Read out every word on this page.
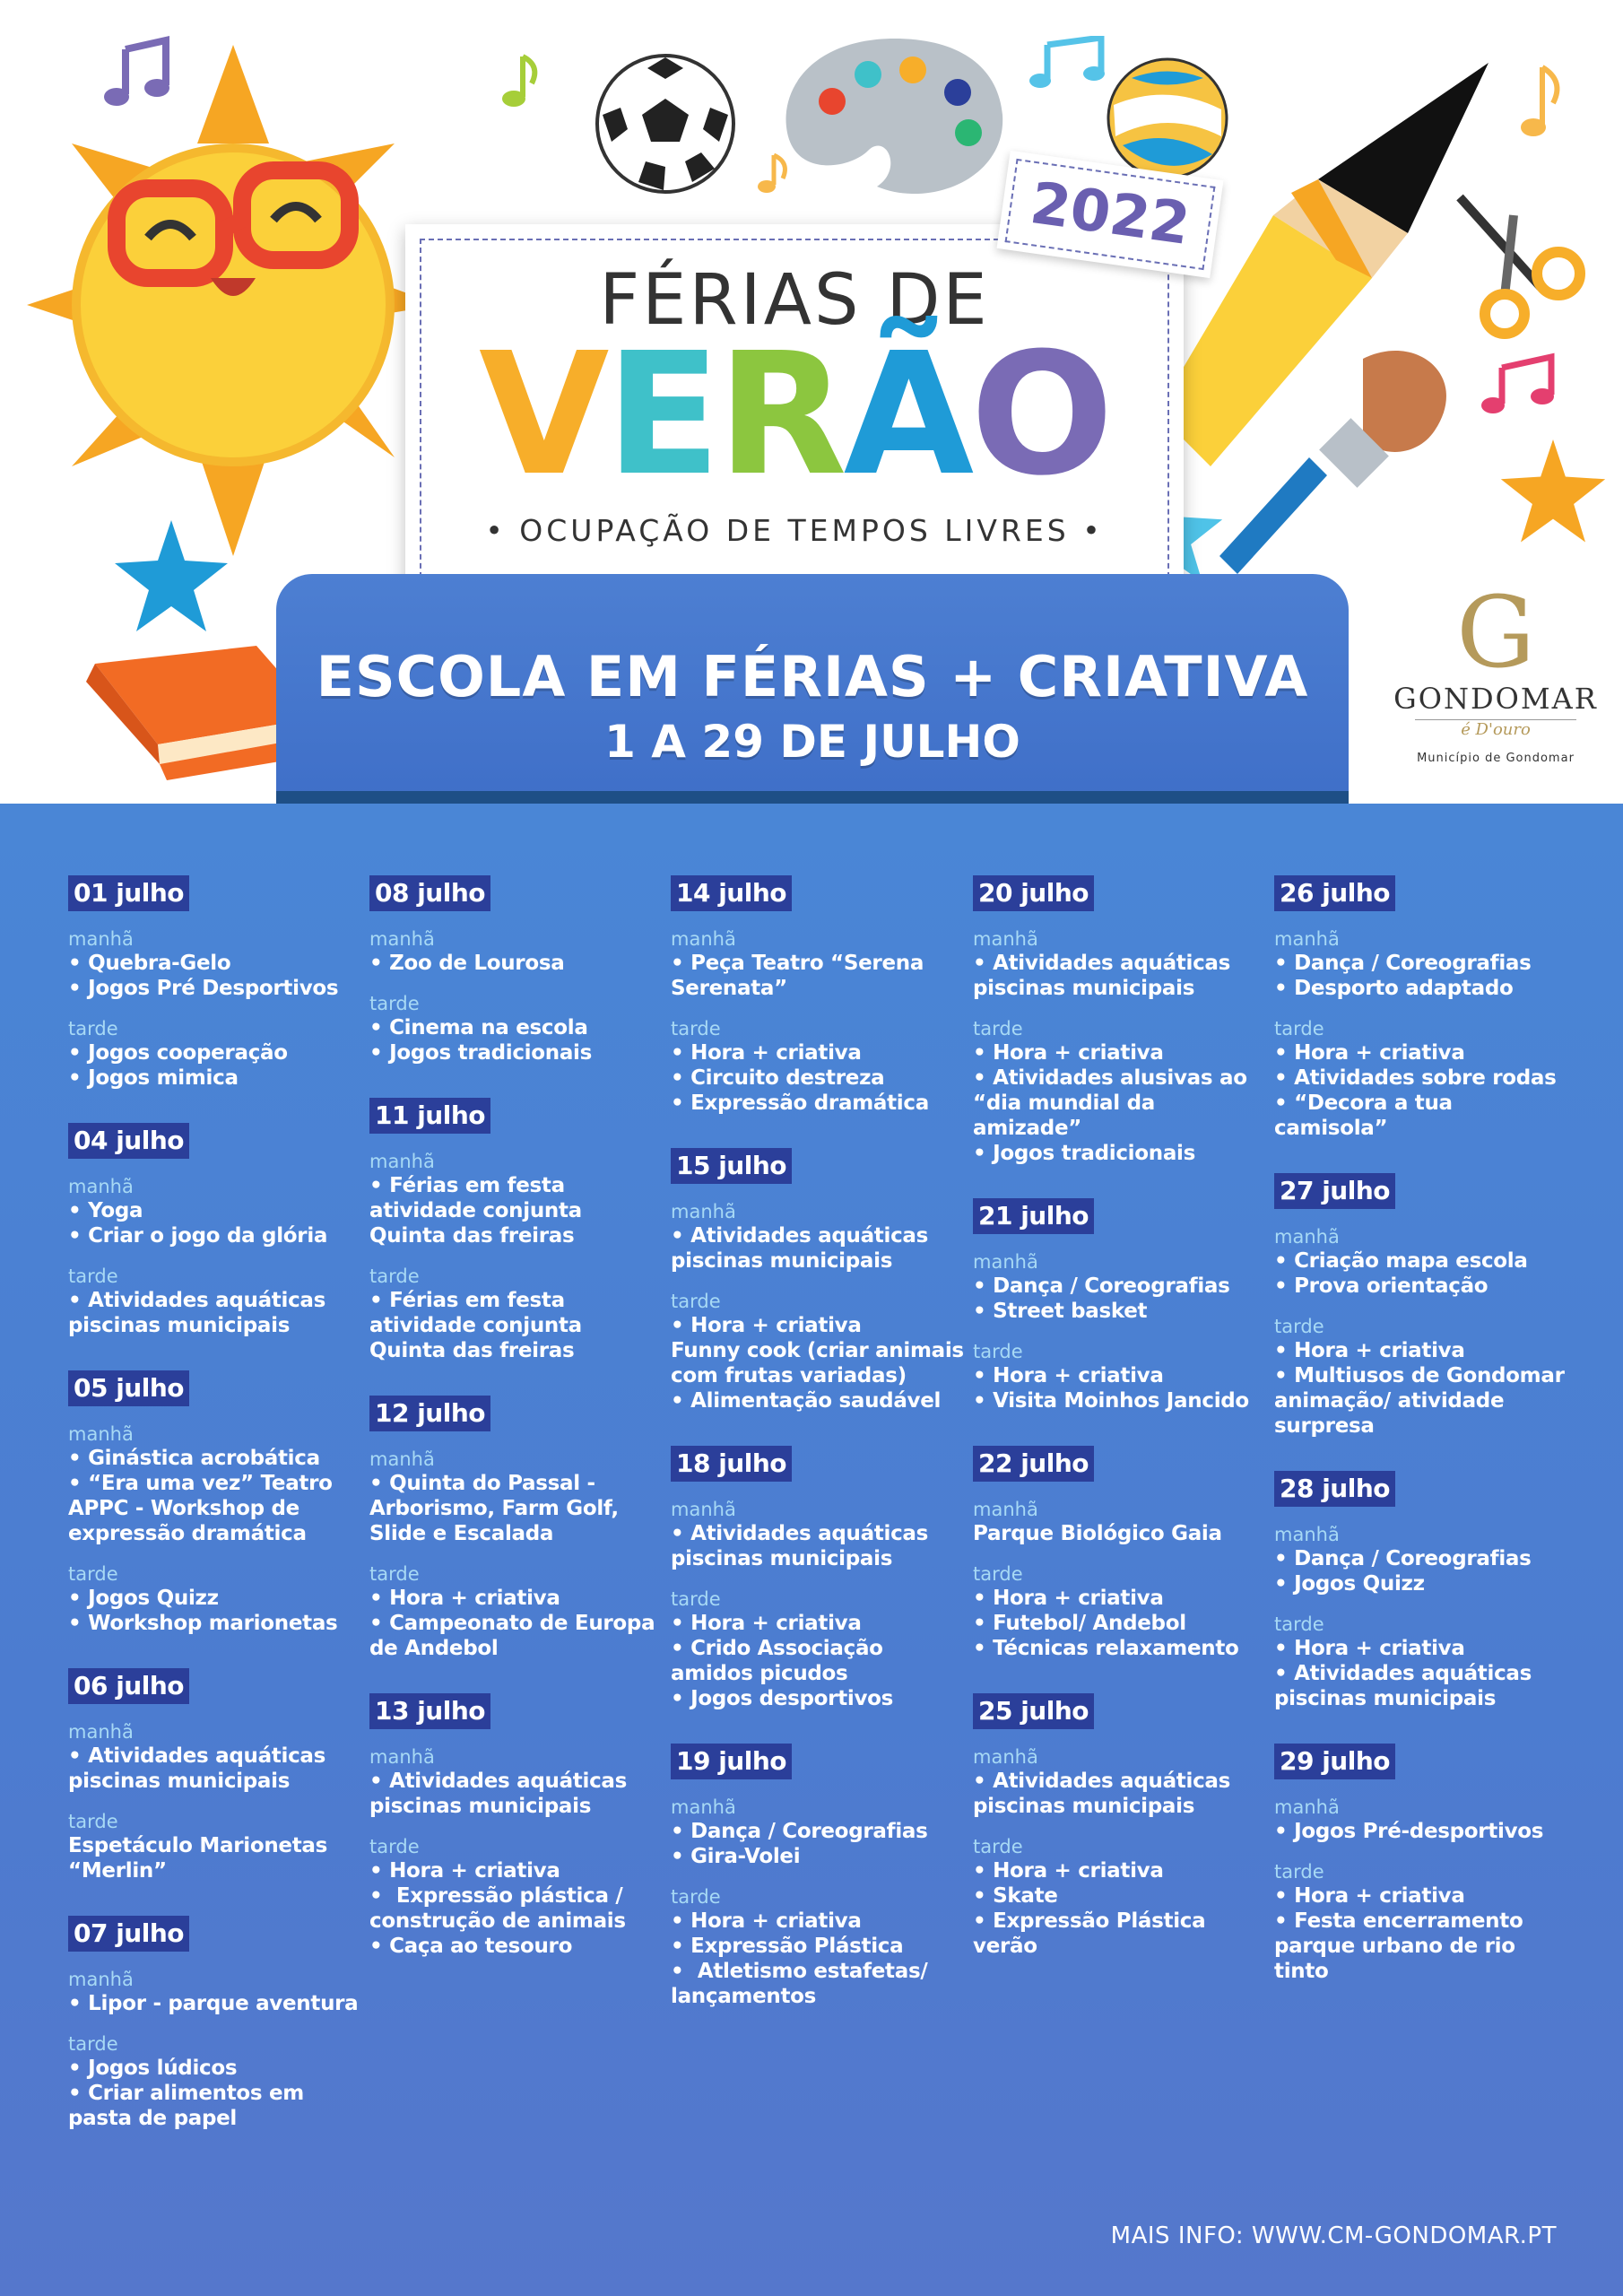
FÉRIAS DE
VERÃO
• OCUPAÇÃO DE TEMPOS LIVRES •
2022
ESCOLA EM FÉRIAS + CRIATIVA
1 A 29 DE JULHO
G
GONDOMAR
é D'ouro
Município de Gondomar
01 julho
manhã
• Quebra-Gelo
• Jogos Pré Desportivos
tarde
• Jogos cooperação
• Jogos mimica
04 julho
manhã
• Yoga
• Criar o jogo da glória
tarde
• Atividades aquáticas
piscinas municipais
05 julho
manhã
• Ginástica acrobática
• “Era uma vez” Teatro
APPC - Workshop de
expressão dramática
tarde
• Jogos Quizz
• Workshop marionetas
06 julho
manhã
• Atividades aquáticas
piscinas municipais
tarde
Espetáculo Marionetas
“Merlin”
07 julho
manhã
• Lipor - parque aventura
tarde
• Jogos lúdicos
• Criar alimentos em
pasta de papel
08 julho
manhã
• Zoo de Lourosa
tarde
• Cinema na escola
• Jogos tradicionais
11 julho
manhã
• Férias em festa
atividade conjunta
Quinta das freiras
tarde
• Férias em festa
atividade conjunta
Quinta das freiras
12 julho
manhã
• Quinta do Passal -
Arborismo, Farm Golf,
Slide e Escalada
tarde
• Hora + criativa
• Campeonato de Europa
de Andebol
13 julho
manhã
• Atividades aquáticas
piscinas municipais
tarde
• Hora + criativa
•  Expressão plástica /
construção de animais
• Caça ao tesouro
14 julho
manhã
• Peça Teatro “Serena
Serenata”
tarde
• Hora + criativa
• Circuito destreza
• Expressão dramática
15 julho
manhã
• Atividades aquáticas
piscinas municipais
tarde
• Hora + criativa
Funny cook (criar animais
com frutas variadas)
• Alimentação saudável
18 julho
manhã
• Atividades aquáticas
piscinas municipais
tarde
• Hora + criativa
• Crido Associação
amidos picudos
• Jogos desportivos
19 julho
manhã
• Dança / Coreografias
• Gira-Volei
tarde
• Hora + criativa
• Expressão Plástica
•  Atletismo estafetas/
lançamentos
20 julho
manhã
• Atividades aquáticas
piscinas municipais
tarde
• Hora + criativa
• Atividades alusivas ao
“dia mundial da amizade”
• Jogos tradicionais
21 julho
manhã
• Dança / Coreografias
• Street basket
tarde
• Hora + criativa
• Visita Moinhos Jancido
22 julho
manhã
Parque Biológico Gaia
tarde
• Hora + criativa
• Futebol/ Andebol
• Técnicas relaxamento
25 julho
manhã
• Atividades aquáticas
piscinas municipais
tarde
• Hora + criativa
• Skate
• Expressão Plástica verão
26 julho
manhã
• Dança / Coreografias
• Desporto adaptado
tarde
• Hora + criativa
• Atividades sobre rodas
• “Decora a tua camisola”
27 julho
manhã
• Criação mapa escola
• Prova orientação
tarde
• Hora + criativa
• Multiusos de Gondomar
animação/ atividade
surpresa
28 julho
manhã
• Dança / Coreografias
• Jogos Quizz
tarde
• Hora + criativa
• Atividades aquáticas
piscinas municipais
29 julho
manhã
• Jogos Pré-desportivos
tarde
• Hora + criativa
• Festa encerramento
parque urbano de rio
tinto
MAIS INFO: WWW.CM-GONDOMAR.PT
